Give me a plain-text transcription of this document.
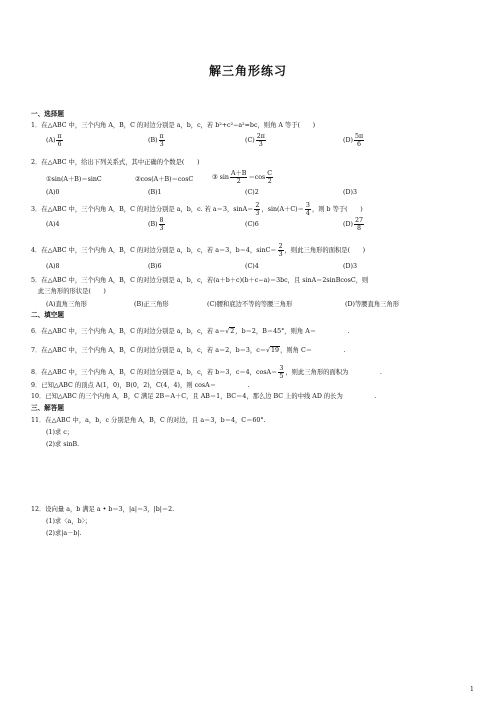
解三角形练习
一、选择题
1．在△ABC 中，三个内角 A，B，C 的对边分别是 a，b，c，若 b²+c²−a²=bc，则角 A 等于(　　)
$(A) \frac{\pi}{6}$	$(B) \frac{\pi}{3}$	$(C) \frac{2\pi}{3}$	$(D) \frac{5\pi}{6}$
2．在△ABC 中，给出下列关系式，其中正确的个数是(　　)
①sin(A＋B)＝sinC	②cos(A＋B)＝cosC	③ $\sin \frac{A+B}{2} =\cos \frac{C}{2}$
(A)0	(B)1	(C)2	(D)3
3．在△ABC 中，三个内角 A，B，C 的对边分别是 a，b，c. 若 a＝3，$\sin A= \frac{2}{3}$ ，$\sin(A+C)= \frac{3}{4}$ ，则 b 等于(　　)
(A)4	$(B) \frac{8}{3}$	(C)6	$(D) \frac{27}{8}$
4．在△ABC 中，三个内角 A，B，C 的对边分别是 a，b，c，若 a＝3，b＝4，$\sin C= \frac{2}{3}$ ，则此三角形的面积是(　　)
(A)8	(B)6	(C)4	(D)3
5．在△ABC 中，三个内角 A，B，C 的对边分别是 a，b，c，若(a＋b＋c)(b＋c−a)＝3bc，且 sinA＝2sinBcosC，则
此三角形的形状是(　　)
(A)直角三角形	(B)正三角形	(C)腰和底边不等的等腰三角形	(D)等腰直角三角形
二、填空题
6．在△ABC 中，三个内角 A，B，C 的对边分别是 a，b，c，若 a＝√2，b＝2，B＝45°，则角 A＝　　　　　.
7．在△ABC 中，三个内角 A，B，C 的对边分别是 a，b，c，若 a＝2，b＝3，c＝√19，则角 C＝　　　　　.
8．在△ABC 中，三个内角 A，B，C 的对边分别是 a，b，c，若 b＝3，c＝4，$\cos A= \frac{3}{5}$ ，则此三角形的面积为　　　　　.
9．已知△ABC 的顶点 A(1，0)，B(0，2)，C(4，4)，则 cosA＝　　　　　.
10．已知△ABC 的三个内角 A，B，C 满足 2B＝A＋C，且 AB＝1，BC＝4，那么边 BC 上的中线 AD 的长为　　　　　.
三、解答题
11．在△ABC 中，a，b，c 分别是角 A，B，C 的对边，且 a＝3，b＝4，C＝60°.
(1)求 c；
(2)求 sinB.
12．设向量 a，b 满足 a • b＝3，|a|＝3，|b|＝2.
(1)求〈a，b〉；
(2)求|a－b|.
1
